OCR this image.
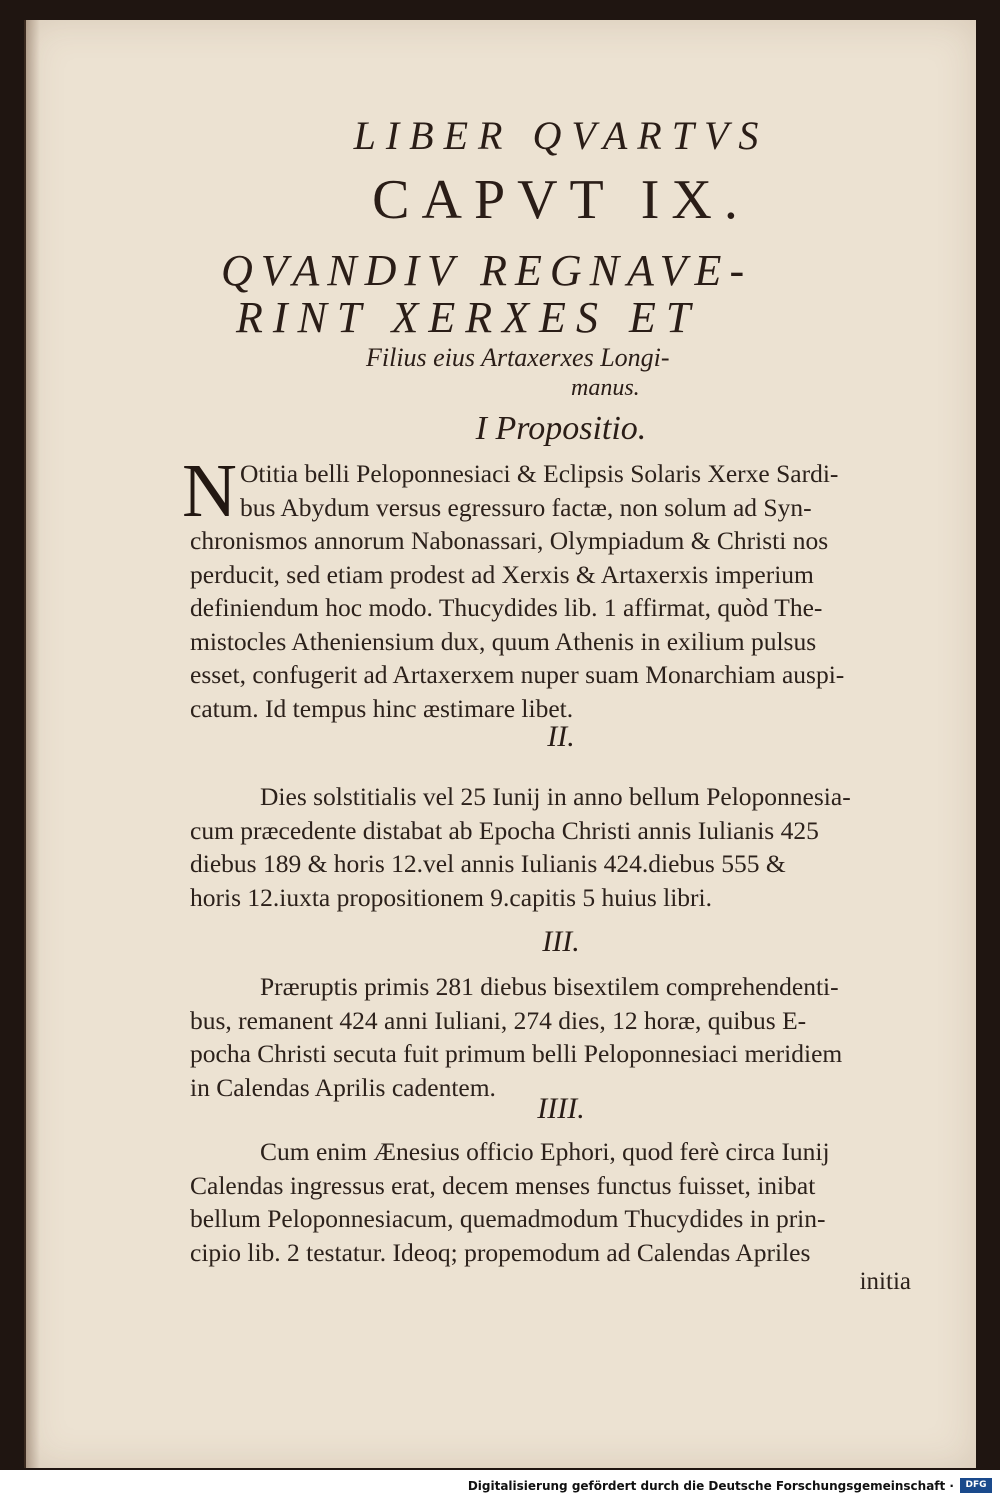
LIBER QVARTVS
CAPVT IX.
QVANDIV REGNAVE-
RINT XERXES ET
Filius eius Artaxerxes Longi-
manus.
I Propositio.
N Otitia belli Peloponnesiaci & Eclipsis Solaris Xerxe Sardi-
bus Abydum versus egressuro factæ, non solum ad Syn-
chronismos annorum Nabonassari, Olympiadum & Christi nos
perducit, sed etiam prodest ad Xerxis & Artaxerxis imperium
definiendum hoc modo. Thucydides lib. 1 affirmat, quòd The-
mistocles Atheniensium dux, quum Athenis in exilium pulsus
esset, confugerit ad Artaxerxem nuper suam Monarchiam auspi-
catum. Id tempus hinc æstimare libet.
II.
Dies solstitialis vel 25 Iunij in anno bellum Peloponnesia-
cum præcedente distabat ab Epocha Christi annis Iulianis 425
diebus 189 & horis 12.vel annis Iulianis 424.diebus 555 &
horis 12.iuxta propositionem 9.capitis 5 huius libri.
III.
Præruptis primis 281 diebus bisextilem comprehendenti-
bus, remanent 424 anni Iuliani, 274 dies, 12 horæ, quibus E-
pocha Christi secuta fuit primum belli Peloponnesiaci meridiem
in Calendas Aprilis cadentem.
IIII.
Cum enim Ænesius officio Ephori, quod ferè circa Iunij
Calendas ingressus erat, decem menses functus fuisset, inibat
bellum Peloponnesiacum, quemadmodum Thucydides in prin-
cipio lib. 2 testatur. Ideoq; propemodum ad Calendas Apriles
initia
Digitalisierung gefördert durch die Deutsche Forschungsgemeinschaft ·	DFG
